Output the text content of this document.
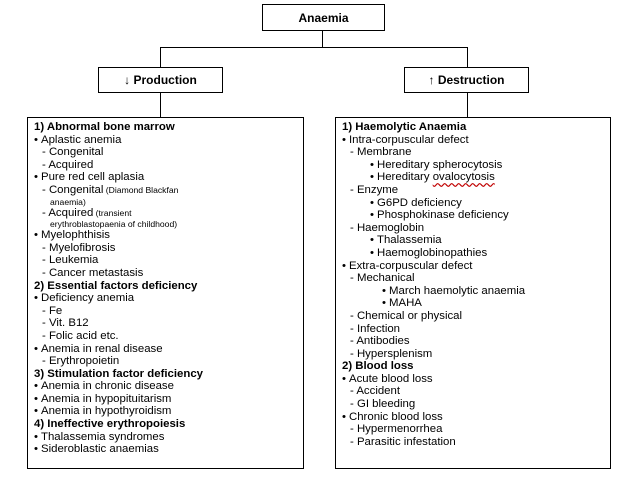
Anaemia
↓ Production	↑ Destruction
1) Abnormal bone marrow
• Aplastic anemia
- Congenital
- Acquired
• Pure red cell aplasia
- Congenital (Diamond Blackfan
anaemia)
- Acquired (transient
erythroblastopaenia of childhood)
• Myelophthisis
- Myelofibrosis
- Leukemia
- Cancer metastasis
2) Essential factors deficiency
• Deficiency anemia
- Fe
- Vit. B12
- Folic acid etc.
• Anemia in renal disease
- Erythropoietin
3) Stimulation factor deficiency
• Anemia in chronic disease
• Anemia in hypopituitarism
• Anemia in hypothyroidism
4) Ineffective erythropoiesis
• Thalassemia syndromes
• Sideroblastic anaemias
1) Haemolytic Anaemia
• Intra-corpuscular defect
- Membrane
• Hereditary spherocytosis
• Hereditary ovalocytosis
- Enzyme
• G6PD deficiency
• Phosphokinase deficiency
- Haemoglobin
• Thalassemia
• Haemoglobinopathies
• Extra-corpuscular defect
- Mechanical
• March haemolytic anaemia
• MAHA
- Chemical or physical
- Infection
- Antibodies
- Hypersplenism
2) Blood loss
• Acute blood loss
- Accident
- GI bleeding
• Chronic blood loss
- Hypermenorrhea
- Parasitic infestation
